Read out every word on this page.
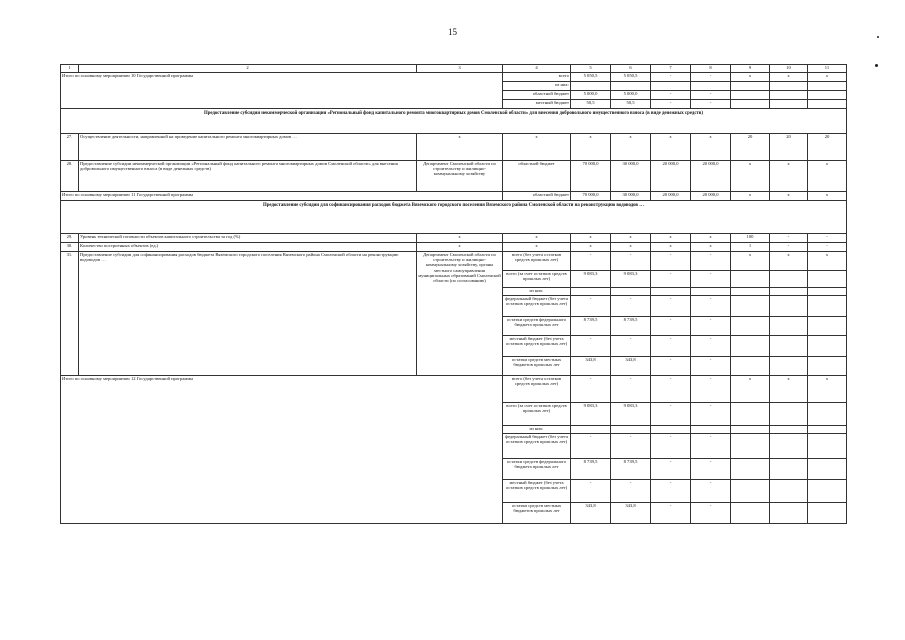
15
1	2	3	4	5	6	7	8	9	10	11
Итого по основному мероприятию 10 Государственной программы			всего	5 050,5	5 050,5	-	-	х	х	х
			из них:							
			областной бюджет	5 000,0	5 000,0	-	-			
			местный бюджет	50,5	50,5	-	-			
Предоставление субсидии некоммерческой организации «Региональный фонд капитального ремонта многоквартирных домов Смоленской области» для внесения добровольного имущественного взноса (в виде денежных средств)										
27.	Осуществление деятельности, направленной на проведение капитального ремонта многоквартирных домов …	х	х	х	х	х	х	20	20	20
28.	Предоставление субсидии некоммерческой организации «Региональный фонд капитального ремонта многоквартирных домов Смоленской области» для внесения добровольного имущественного взноса (в виде денежных средств)	Департамент Смоленской области по строительству и жилищно-коммунальному хозяйству	областной бюджет	70 000,0	30 000,0	20 000,0	20 000,0	х	х	х
Итого по основному мероприятию 11 Государственной программы			областной бюджет	70 000,0	30 000,0	20 000,0	20 000,0	х	х	х
Предоставление субсидии для софинансирования расходов бюджета Вяземского городского поселения Вяземского района Смоленской области на реконструкцию водоводов …										
29.	Уровень технической готовности объектов капитального строительства за год (%)	х	х	х	х	х	х	100	-	-
30.	Количество построенных объектов (ед.)	х	х	х	х	х	х	1	-	-
31.	Предоставление субсидии для софинансирования расходов бюджета Вяземского городского поселения Вяземского района Смоленской области на реконструкцию водоводов …	Департамент Смоленской области по строительству и жилищно-коммунальному хозяйству, органы местного самоуправления муниципальных образований Смоленской области (по согласованию)	всего (без учета остатков средств прошлых лет)	-	-	-	-	х	х	х
			всего (за счет остатков средств прошлых лет)	9 083,3	9 083,3	-	-			
			из них:							
			федеральный бюджет (без учета остатков средств прошлых лет)	-	-	-	-			
			остатки средств федерального бюджета прошлых лет	8 739,5	8 739,5	-	-			
			местный бюджет (без учета остатков средств прошлых лет)	-	-	-	-			
			остатки средств местных бюджетов прошлых лет	343,8	343,8	-	-			
Итого по основному мероприятию 12 Государственной программы			всего (без учета остатков средств прошлых лет)	-	-	-	-	х	х	х
			всего (за счет остатков средств прошлых лет)	9 083,3	9 083,3	-	-			
			из них:							
			федеральный бюджет (без учета остатков средств прошлых лет)	-	-	-	-			
			остатки средств федерального бюджета прошлых лет	8 739,5	8 739,5	-	-			
			местный бюджет (без учета остатков средств прошлых лет)	-	-	-	-			
			остатки средств местных бюджетов прошлых лет	343,8	343,8	-	-			
